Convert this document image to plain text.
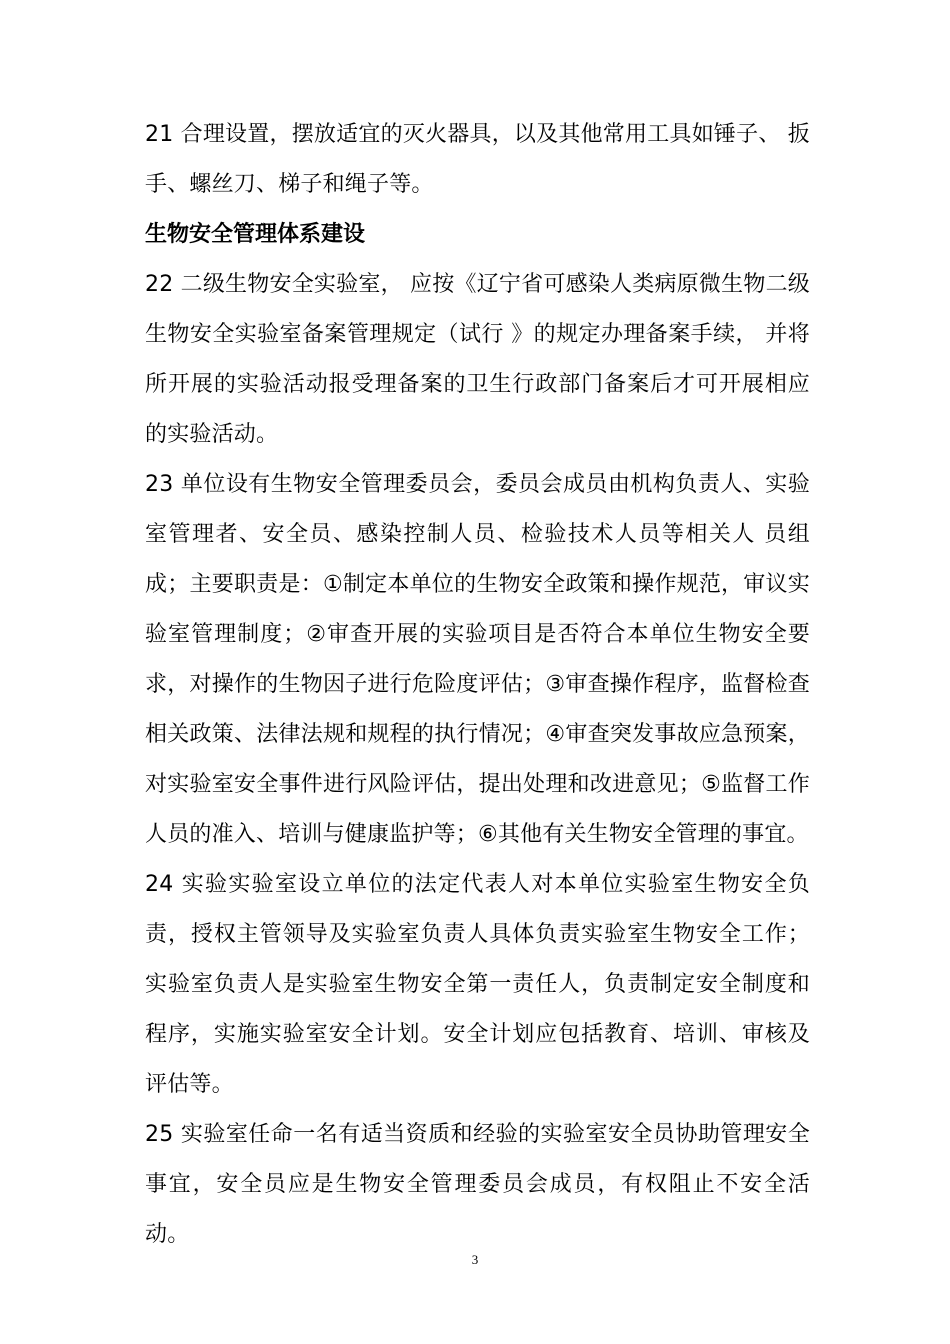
21 合理设置，摆放适宜的灭火器具，以及其他常用工具如锤子、 扳手、螺丝刀、梯子和绳子等。

生物安全管理体系建设

22 二级生物安全实验室， 应按《辽宁省可感染人类病原微生物二级生物安全实验室备案管理规定（试行 》的规定办理备案手续， 并将所开展的实验活动报受理备案的卫生行政部门备案后才可开展相应的实验活动。

23 单位设有生物安全管理委员会，委员会成员由机构负责人、实验室管理者、安全员、感染控制人员、检验技术人员等相关人 员组成；主要职责是：①制定本单位的生物安全政策和操作规范，审议实验室管理制度；②审查开展的实验项目是否符合本单位生物安全要求，对操作的生物因子进行危险度评估；③审查操作程序，监督检查相关政策、法律法规和规程的执行情况；④审查突发事故应急预案，对实验室安全事件进行风险评估，提出处理和改进意见；⑤监督工作人员的准入、培训与健康监护等；⑥其他有关生物安全管理的事宜。

24 实验实验室设立单位的法定代表人对本单位实验室生物安全负责，授权主管领导及实验室负责人具体负责实验室生物安全工作；实验室负责人是实验室生物安全第一责任人，负责制定安全制度和程序，实施实验室安全计划。安全计划应包括教育、培训、审核及评估等。

25 实验室任命一名有适当资质和经验的实验室安全员协助管理安全事宜，安全员应是生物安全管理委员会成员，有权阻止不安全活动。

3
